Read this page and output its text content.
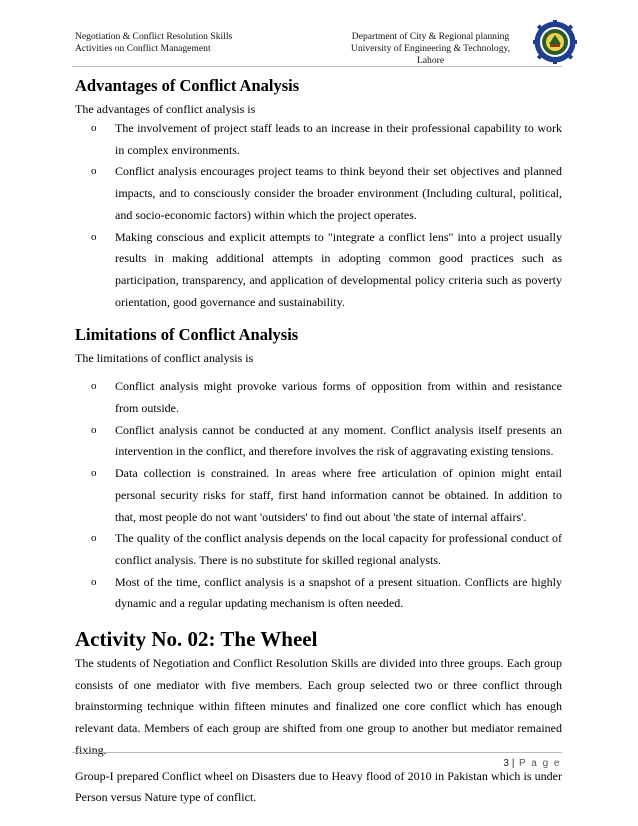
Negotiation & Conflict Resolution Skills
Activities on Conflict Management
Department of City & Regional planning
University of Engineering & Technology, Lahore
Advantages of Conflict Analysis

The advantages of conflict analysis is

o The involvement of project staff leads to an increase in their professional capability to work in complex environments.
o Conflict analysis encourages project teams to think beyond their set objectives and planned impacts, and to consciously consider the broader environment (Including cultural, political, and socio-economic factors) within which the project operates.
o Making conscious and explicit attempts to "integrate a conflict lens" into a project usually results in making additional attempts in adopting common good practices such as participation, transparency, and application of developmental policy criteria such as poverty orientation, good governance and sustainability.
Limitations of Conflict Analysis

The limitations of conflict analysis is

o Conflict analysis might provoke various forms of opposition from within and resistance from outside.
o Conflict analysis cannot be conducted at any moment. Conflict analysis itself presents an intervention in the conflict, and therefore involves the risk of aggravating existing tensions.
o Data collection is constrained. In areas where free articulation of opinion might entail personal security risks for staff, first hand information cannot be obtained. In addition to that, most people do not want 'outsiders' to find out about 'the state of internal affairs'.
o The quality of the conflict analysis depends on the local capacity for professional conduct of conflict analysis. There is no substitute for skilled regional analysts.
o Most of the time, conflict analysis is a snapshot of a present situation. Conflicts are highly dynamic and a regular updating mechanism is often needed.
Activity No. 02: The Wheel

The students of Negotiation and Conflict Resolution Skills are divided into three groups. Each group consists of one mediator with five members. Each group selected two or three conflict through brainstorming technique within fifteen minutes and finalized one core conflict which has enough relevant data. Members of each group are shifted from one group to another but mediator remained fixing.

Group-I prepared Conflict wheel on Disasters due to Heavy flood of 2010 in Pakistan which is under Person versus Nature type of conflict.

3 | P a g e
